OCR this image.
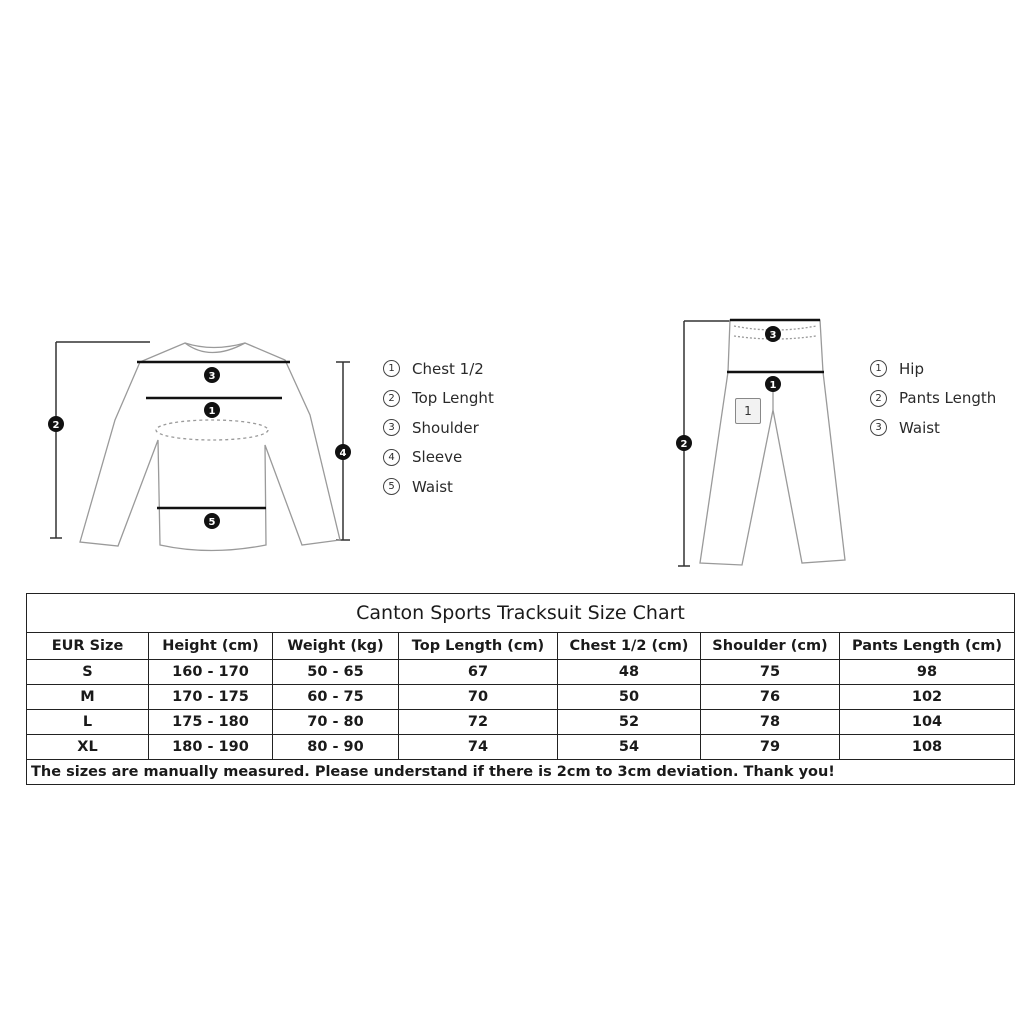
3
1
2
4
5
1	Chest 1/2
2	Top Lenght
3	Shoulder
4	Sleeve
5	Waist
3
1
2
1
1	Hip
2	Pants Length
3	Waist
Canton Sports Tracksuit Size Chart						
EUR Size	Height (cm)	Weight (kg)	Top Length (cm)	Chest 1/2 (cm)	Shoulder (cm)	Pants Length (cm)
S	160 - 170	50 - 65	67	48	75	98
M	170 - 175	60 - 75	70	50	76	102
L	175 - 180	70 - 80	72	52	78	104
XL	180 - 190	80 - 90	74	54	79	108
The sizes are manually measured. Please understand if there is 2cm to 3cm deviation. Thank you!						
